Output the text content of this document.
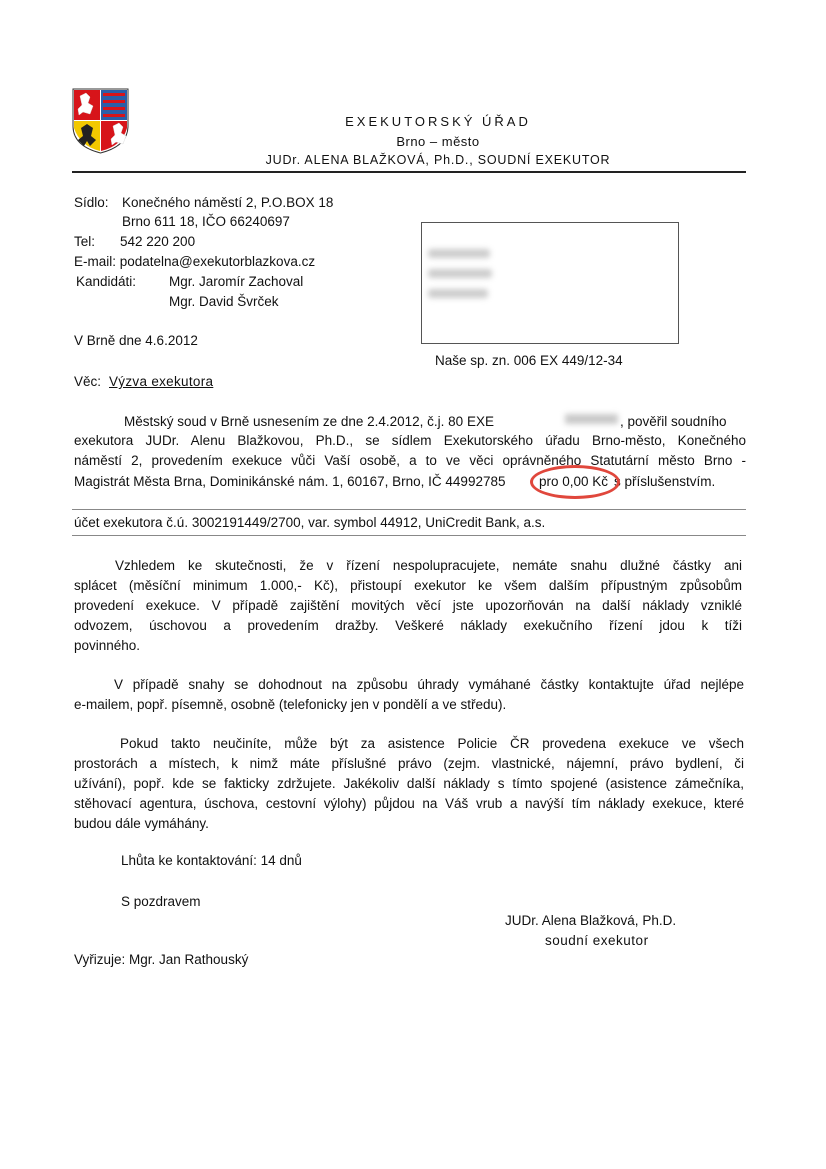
EXEKUTORSKÝ ÚŘAD
Brno – město
JUDr. ALENA BLAŽKOVÁ, Ph.D., SOUDNÍ EXEKUTOR
Sídlo: Konečného náměstí 2, P.O.BOX 18
Brno 611 18, IČO 66240697
Tel: 542 220 200
E-mail: podatelna@exekutorblazkova.cz
Kandidáti: Mgr. Jaromír Zachoval
Mgr. David Švrček
V Brně dne 4.6.2012
Naše sp. zn. 006 EX 449/12-34
Věc: Výzva exekutora
Městský soud v Brně usnesením ze dne 2.4.2012, č.j. 80 EXE	, pověřil soudního
exekutora JUDr. Alenu Blažkovou, Ph.D., se sídlem Exekutorského úřadu Brno-město, Konečného
náměstí 2, provedením exekuce vůči Vaší osobě, a to ve věci oprávněného Statutární město Brno -
Magistrát Města Brna, Dominikánské nám. 1, 60167, Brno, IČ 44992785 pro 0,00 Kč s příslušenstvím.
účet exekutora č.ú. 3002191449/2700, var. symbol 44912, UniCredit Bank, a.s.
Vzhledem ke skutečnosti, že v řízení nespolupracujete, nemáte snahu dlužné částky ani
splácet (měsíční minimum 1.000,- Kč), přistoupí exekutor ke všem dalším přípustným způsobům
provedení exekuce. V případě zajištění movitých věcí jste upozorňován na další náklady vzniklé
odvozem, úschovou a provedením dražby. Veškeré náklady exekučního řízení jdou k tíži
povinného.
V případě snahy se dohodnout na způsobu úhrady vymáhané částky kontaktujte úřad nejlépe
e-mailem, popř. písemně, osobně (telefonicky jen v pondělí a ve středu).
Pokud takto neučiníte, může být za asistence Policie ČR provedena exekuce ve všech
prostorách a místech, k nimž máte příslušné právo (zejm. vlastnické, nájemní, právo bydlení, či
užívání), popř. kde se fakticky zdržujete. Jakékoliv další náklady s tímto spojené (asistence zámečníka,
stěhovací agentura, úschova, cestovní výlohy) půjdou na Váš vrub a navýší tím náklady exekuce, které
budou dále vymáhány.
Lhůta ke kontaktování: 14 dnů
S pozdravem
JUDr. Alena Blažková, Ph.D.
soudní exekutor
Vyřizuje: Mgr. Jan Rathouský
